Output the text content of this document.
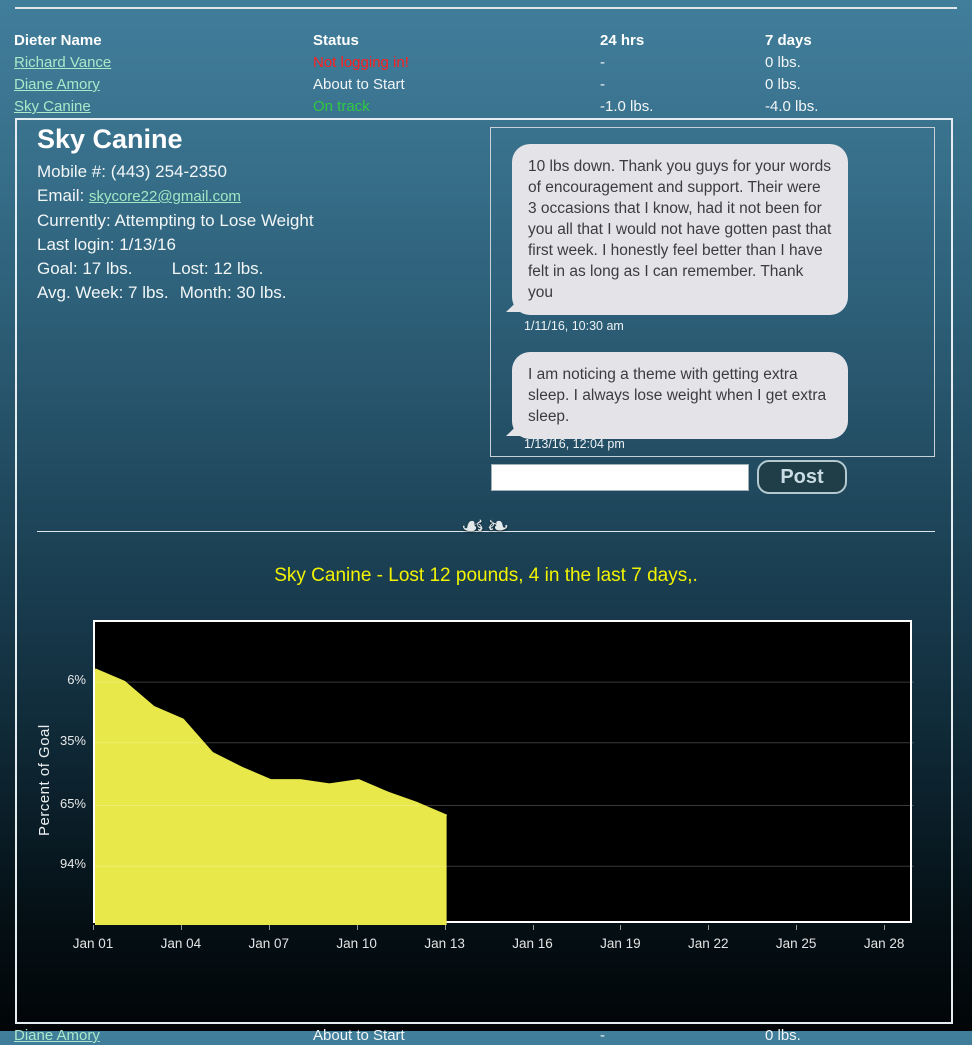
Dieter Name	Status	24 hrs	7 days
Richard Vance	Not logging in!	-	0 lbs.
Diane Amory	About to Start	-	0 lbs.
Sky Canine	On track	-1.0 lbs.	-4.0 lbs.
Sky Canine
Mobile #: (443) 254-2350
Email: skycore22@gmail.com
Currently: Attempting to Lose Weight
Last login: 1/13/16
Goal: 17 lbs. Lost: 12 lbs.
Avg. Week: 7 lbs. Month: 30 lbs.
10 lbs down. Thank you guys for your words of encouragement and support. Their were 3 occasions that I know, had it not been for you all that I would not have gotten past that first week. I honestly feel better than I have felt in as long as I can remember. Thank you
1/11/16, 10:30 am
I am noticing a theme with getting extra sleep. I always lose weight when I get extra sleep.
1/13/16, 12:04 pm
Post
☙❧
Sky Canine - Lost 12 pounds, 4 in the last 7 days,.
Percent of Goal
6%
35%
65%
94%
Jan 01	Jan 04	Jan 07	Jan 10	Jan 13	Jan 16	Jan 19	Jan 22	Jan 25	Jan 28
Diane Amory	About to Start	-	0 lbs.
